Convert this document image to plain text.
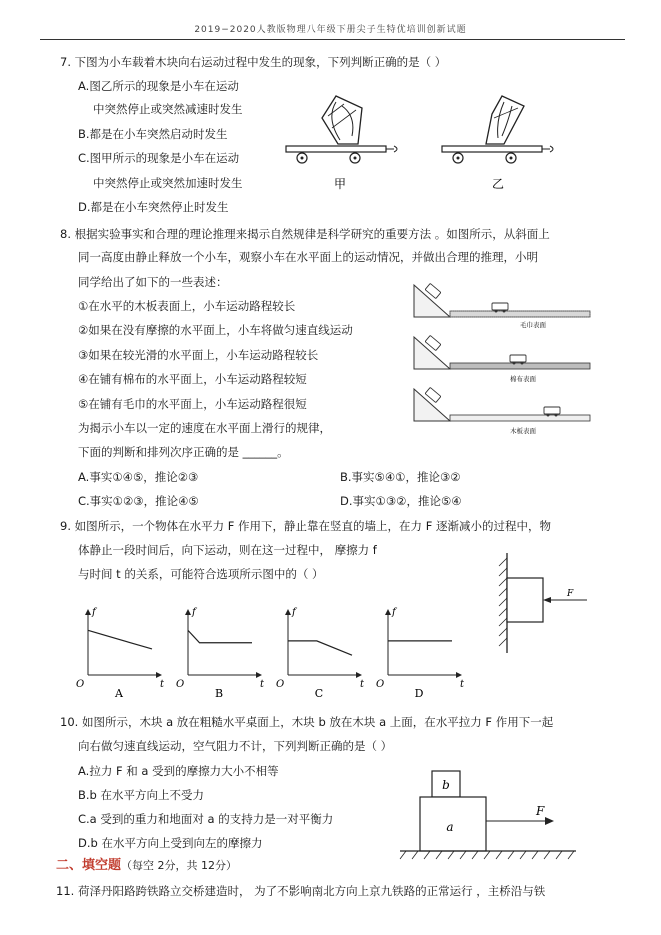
2019−2020人教版物理八年级下册尖子生特优培训创新试题
7. 下图为小车载着木块向右运动过程中发生的现象，下列判断正确的是（ ）
A.图乙所示的现象是小车在运动
中突然停止或突然减速时发生
B.都是在小车突然启动时发生
C.图甲所示的现象是小车在运动
中突然停止或突然加速时发生
D.都是在小车突然停止时发生
甲	乙
8. 根据实验事实和合理的理论推理来揭示自然规律是科学研究的重要方法 。如图所示，从斜面上
同一高度由静止释放一个小车，观察小车在水平面上的运动情况，并做出合理的推理，小明
同学给出了如下的一些表述：
①在水平的木板表面上，小车运动路程较长
②如果在没有摩擦的水平面上，小车将做匀速直线运动
③如果在较光滑的水平面上，小车运动路程较长
④在铺有棉布的水平面上，小车运动路程较短
⑤在铺有毛巾的水平面上，小车运动路程很短
为揭示小车以一定的速度在水平面上滑行的规律，
下面的判断和排列次序正确的是 ______。
A.事实①④⑤，推论②③	B.事实⑤④①，推论③②
C.事实①②③，推论④⑤	D.事实①③②，推论⑤④
毛巾表面
棉布表面
木板表面
9. 如图所示，一个物体在水平力 F 作用下，静止靠在竖直的墙上，在力 F 逐渐减小的过程中，物
体静止一段时间后，向下运动，则在这一过程中， 摩擦力 f
与时间 t 的关系，可能符合选项所示图中的（ ）
F
f
t
O
A
f
t
O
B
f
t
O
C
f
t
O
D
10. 如图所示，木块 a 放在粗糙水平桌面上，木块 b 放在木块 a 上面，在水平拉力 F 作用下一起
向右做匀速直线运动，空气阻力不计，下列判断正确的是（ ）
A.拉力 F 和 a 受到的摩擦力大小不相等
B.b 在水平方向上不受力
C.a 受到的重力和地面对 a 的支持力是一对平衡力
D.b 在水平方向上受到向左的摩擦力
b
a
F
二、填空题（每空 2分，共 12分）
11. 荷泽丹阳路跨铁路立交桥建造时， 为了不影响南北方向上京九铁路的正常运行 ，主桥沿与铁
